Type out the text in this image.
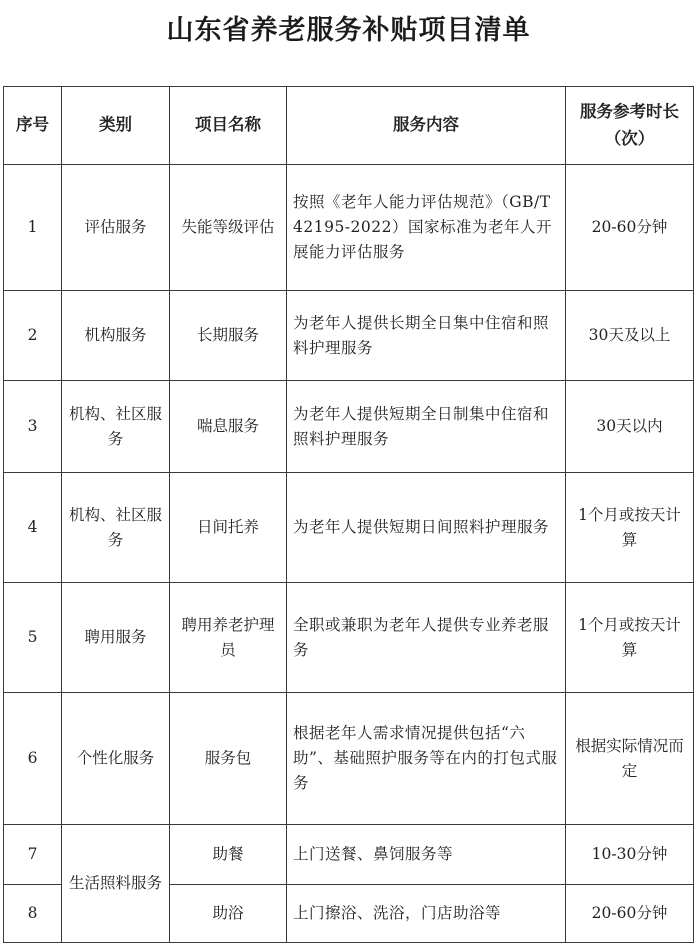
山东省养老服务补贴项目清单
序号	类别	项目名称	服务内容	服务参考时长（次）
1	评估服务	失能等级评估	按照《老年人能力评估规范》（GB/T 42195-2022）国家标准为老年人开展能力评估服务	20-60分钟
2	机构服务	长期服务	为老年人提供长期全日集中住宿和照料护理服务	30天及以上
3	机构、社区服务	喘息服务	为老年人提供短期全日制集中住宿和照料护理服务	30天以内
4	机构、社区服务	日间托养	为老年人提供短期日间照料护理服务	1个月或按天计算
5	聘用服务	聘用养老护理员	全职或兼职为老年人提供专业养老服务	1个月或按天计算
6	个性化服务	服务包	根据老年人需求情况提供包括“六助”、基础照护服务等在内的打包式服务	根据实际情况而定
7	生活照料服务	助餐	上门送餐、鼻饲服务等	10-30分钟
8		助浴	上门擦浴、洗浴，门店助浴等	20-60分钟
